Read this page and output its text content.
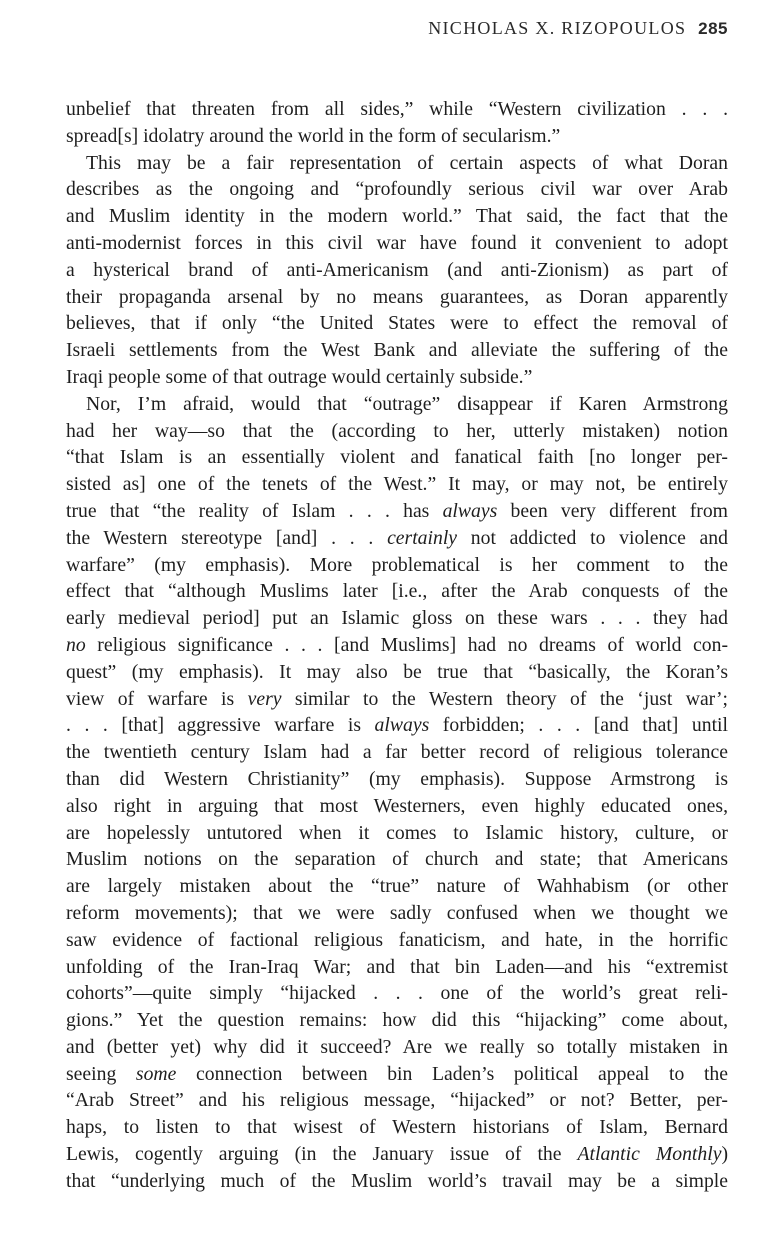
NICHOLAS X. RIZOPOULOS 285
unbelief that threaten from all sides,” while “Western civilization . . .
spread[s] idolatry around the world in the form of secularism.”
This may be a fair representation of certain aspects of what Doran
describes as the ongoing and “profoundly serious civil war over Arab
and Muslim identity in the modern world.” That said, the fact that the
anti-modernist forces in this civil war have found it convenient to adopt
a hysterical brand of anti-Americanism (and anti-Zionism) as part of
their propaganda arsenal by no means guarantees, as Doran apparently
believes, that if only “the United States were to effect the removal of
Israeli settlements from the West Bank and alleviate the suffering of the
Iraqi people some of that outrage would certainly subside.”
Nor, I’m afraid, would that “outrage” disappear if Karen Armstrong
had her way—so that the (according to her, utterly mistaken) notion
“that Islam is an essentially violent and fanatical faith [no longer per-
sisted as] one of the tenets of the West.” It may, or may not, be entirely
true that “the reality of Islam . . . has always been very different from
the Western stereotype [and] . . . certainly not addicted to violence and
warfare” (my emphasis). More problematical is her comment to the
effect that “although Muslims later [i.e., after the Arab conquests of the
early medieval period] put an Islamic gloss on these wars . . . they had
no religious significance . . . [and Muslims] had no dreams of world con-
quest” (my emphasis). It may also be true that “basically, the Koran’s
view of warfare is very similar to the Western theory of the ‘just war’;
. . . [that] aggressive warfare is always forbidden; . . . [and that] until
the twentieth century Islam had a far better record of religious tolerance
than did Western Christianity” (my emphasis). Suppose Armstrong is
also right in arguing that most Westerners, even highly educated ones,
are hopelessly untutored when it comes to Islamic history, culture, or
Muslim notions on the separation of church and state; that Americans
are largely mistaken about the “true” nature of Wahhabism (or other
reform movements); that we were sadly confused when we thought we
saw evidence of factional religious fanaticism, and hate, in the horrific
unfolding of the Iran-Iraq War; and that bin Laden—and his “extremist
cohorts”—quite simply “hijacked . . . one of the world’s great reli-
gions.” Yet the question remains: how did this “hijacking” come about,
and (better yet) why did it succeed? Are we really so totally mistaken in
seeing some connection between bin Laden’s political appeal to the
“Arab Street” and his religious message, “hijacked” or not? Better, per-
haps, to listen to that wisest of Western historians of Islam, Bernard
Lewis, cogently arguing (in the January issue of the Atlantic Monthly)
that “underlying much of the Muslim world’s travail may be a simple
